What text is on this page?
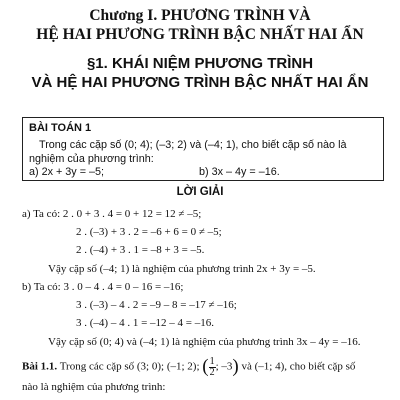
Chương I. PHƯƠNG TRÌNH VÀ
HỆ HAI PHƯƠNG TRÌNH BẬC NHẤT HAI ẨN
§1. KHÁI NIỆM PHƯƠNG TRÌNH
VÀ HỆ HAI PHƯƠNG TRÌNH BẬC NHẤT HAI ẨN
BÀI TOÁN 1
Trong các cặp số (0; 4); (–3; 2) và (–4; 1), cho biết cặp số nào là nghiệm của phương trình:
a) 2x + 3y = –5;	b) 3x – 4y = –16.
LỜI GIẢI
a) Ta có: 2 . 0 + 3 . 4 = 0 + 12 = 12 ≠ –5;
2 . (–3) + 3 . 2 = –6 + 6 = 0 ≠ –5;
2 . (–4) + 3 . 1 = –8 + 3 = –5.
Vậy cặp số (–4; 1) là nghiệm của phương trình 2x + 3y = –5.
b) Ta có: 3 . 0 – 4 . 4 = 0 – 16 = –16;
3 . (–3) – 4 . 2 = –9 – 8 = –17 ≠ –16;
3 . (–4) – 4 . 1 = –12 – 4 = –16.
Vậy cặp số (0; 4) và (–4; 1) là nghiệm của phương trình 3x – 4y = –16.
Bài 1.1. Trong các cặp số (3; 0); (–1; 2); ( $\frac{1}{2}$ ; –3) và (–1; 4), cho biết cặp số
nào là nghiệm của phương trình:
